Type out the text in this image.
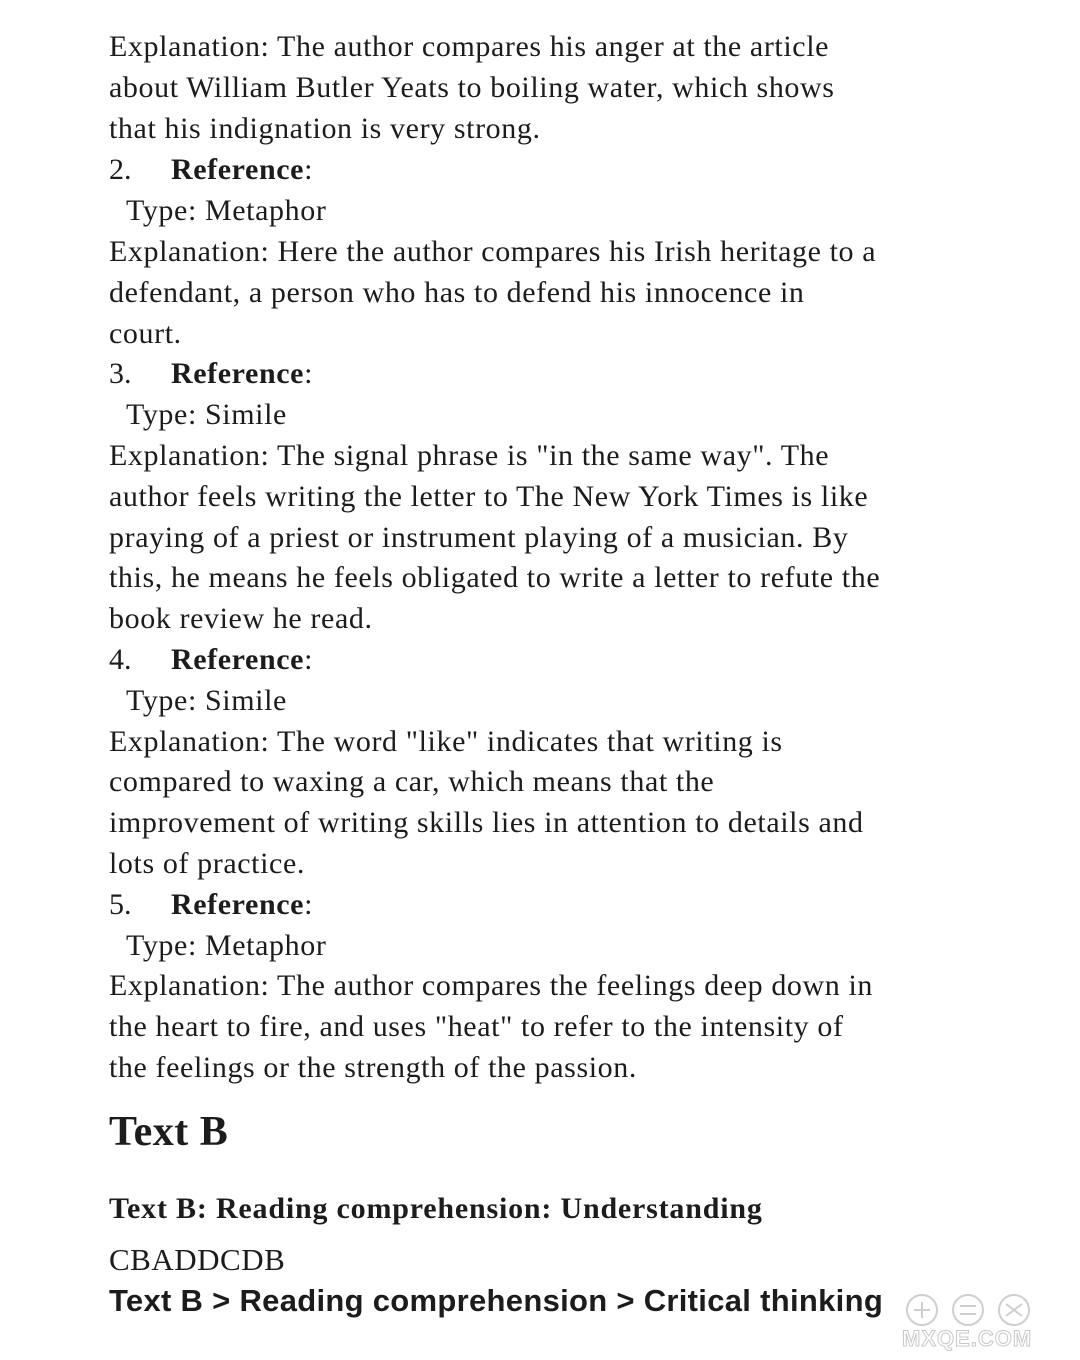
Explanation: The author compares his anger at the article
about William Butler Yeats to boiling water, which shows
that his indignation is very strong.
2. Reference:
Type: Metaphor
Explanation: Here the author compares his Irish heritage to a
defendant, a person who has to defend his innocence in
court.
3. Reference:
Type: Simile
Explanation: The signal phrase is "in the same way". The
author feels writing the letter to The New York Times is like
praying of a priest or instrument playing of a musician. By
this, he means he feels obligated to write a letter to refute the
book review he read.
4. Reference:
Type: Simile
Explanation: The word "like" indicates that writing is
compared to waxing a car, which means that the
improvement of writing skills lies in attention to details and
lots of practice.
5. Reference:
Type: Metaphor
Explanation: The author compares the feelings deep down in
the heart to fire, and uses "heat" to refer to the intensity of
the feelings or the strength of the passion.
Text B
Text B: Reading comprehension: Understanding
CBADDCDB
Text B > Reading comprehension > Critical thinking
MXQE.COM
